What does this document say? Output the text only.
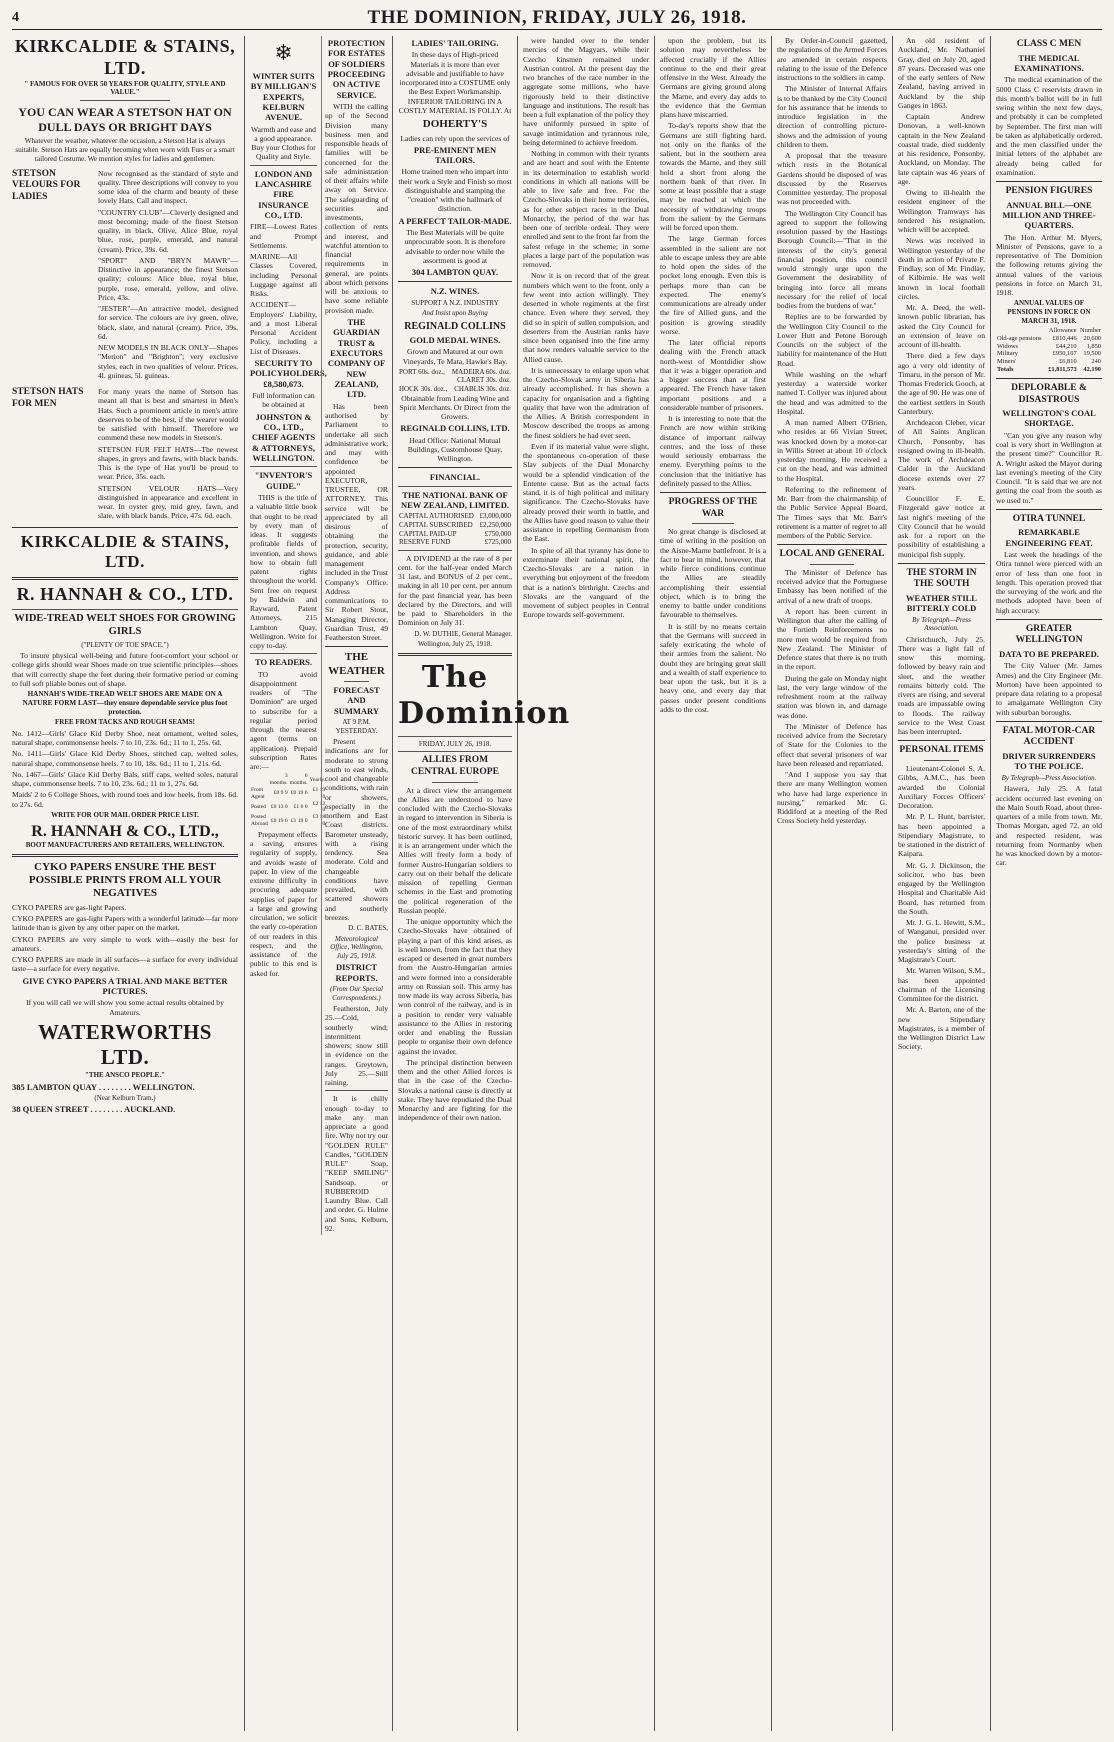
4	THE DOMINION, FRIDAY, JULY 26, 1918.
KIRKCALDIE & STAINS, LTD.
" FAMOUS FOR OVER 50 YEARS FOR QUALITY, STYLE AND VALUE."
YOU CAN WEAR A STETSON HAT ON DULL DAYS OR BRIGHT DAYS

Whatever the weather, whatever the occasion, a Stetson Hat is always suitable. Stetson Hats are equally becoming when worn with Furs or a smart tailored Costume. We mention styles for ladies and gentlemen.

STETSON VELOURS FOR LADIES

Now recognised as the standard of style and quality. Three descriptions will convey to you some idea of the charm and beauty of these lovely Hats. Call and inspect.

"COUNTRY CLUB"—Cleverly designed and most becoming; made of the finest Stetson quality, in black, Olive, Alice Blue, royal blue, rose, purple, emerald, and natural (cream). Price, 39s. 6d.

"SPORT" AND "BRYN MAWR"—Distinctive in appearance; the finest Stetson quality; colours: Alice blue, royal blue, purple, rose, emerald, yellow, and olive. Price, 43s.

"JESTER"—An attractive model, designed for service. The colours are ivy green, olive, black, slate, and natural (cream). Price, 39s. 6d.

NEW MODELS IN BLACK ONLY—Shapes "Merion" and "Brighton"; very exclusive styles, each in two qualities of velour. Prices, 4l. guineas, 5l. guineas.

STETSON HATS FOR MEN

For many years the name of Stetson has meant all that is best and smartest in Men's Hats. Such a prominent article in men's attire deserves to be of the best, if the wearer would be satisfied with himself. Therefore we commend these new models in Stetson's.

STETSON FUR FELT HATS—The newest shapes, in greys and fawns, with black bands. This is the type of Hat you'll be proud to wear. Price, 35s. each.

STETSON VELOUR HATS—Very distinguished in appearance and excellent in wear. In oyster grey, mid grey, fawn, and slate, with black bands. Price, 47s. 6d. each.

KIRKCALDIE & STAINS, LTD.
R. HANNAH & CO., LTD.
WIDE-TREAD WELT SHOES FOR GROWING GIRLS
("PLENTY OF TOE SPACE.")

To insure physical well-being and future foot-comfort your school or college girls should wear Shoes made on true scientific principles—shoes that will correctly shape the feet during their formative period or coming to full soft pliable bones out of shape.

HANNAH'S WIDE-TREAD WELT SHOES ARE MADE ON A NATURE FORM LAST—they ensure dependable service plus foot protection.

FREE FROM TACKS AND ROUGH SEAMS!

No. 1412—Girls' Glace Kid Derby Shoe, neat ornament, welted soles, natural shape, commonsense heels. 7 to 10, 23s. 6d.; 11 to 1, 25s. 6d.

No. 1411—Girls' Glace Kid Derby Shoes, stitched cap, welted soles, natural shape, commonsense heels. 7 to 10, 18s. 6d.; 11 to 1, 21s. 6d.

No. 1467—Girls' Glace Kid Derby Bals, stiff caps, welted soles, natural shape, commonsense heels. 7 to 10, 23s. 6d.; 11 to 1, 27s. 6d.

Maids' 2 to 6 College Shoes, with round toes and low heels, from 18s. 6d. to 27s. 6d.

WRITE FOR OUR MAIL ORDER PRICE LIST.
R. HANNAH & CO., LTD.,
BOOT MANUFACTURERS AND RETAILERS, WELLINGTON.
CYKO PAPERS ENSURE THE BEST POSSIBLE PRINTS FROM ALL YOUR NEGATIVES

CYKO PAPERS are gas-light Papers.

CYKO PAPERS are gas-light Papers with a wonderful latitude—far more latitude than is given by any other paper on the market.

CYKO PAPERS are very simple to work with—easily the best for amateurs.

CYKO PAPERS are made in all surfaces—a surface for every individual taste—a surface for every negative.

GIVE CYKO PAPERS A TRIAL AND MAKE BETTER PICTURES.

If you will call we will show you some actual results obtained by Amateurs.

WATERWORTHS LTD.
"THE ANSCO PEOPLE."
385 LAMBTON QUAY . . . . . . . . WELLINGTON.
(Near Kelburn Tram.)
38 QUEEN STREET . . . . . . . . AUCKLAND.
❄
WINTER SUITS BY MILLIGAN'S EXPERTS, KELBURN AVENUE.

Warmth and ease and a good appearance. Buy your Clothes for Quality and Style.

LONDON AND LANCASHIRE FIRE INSURANCE CO., LTD.

FIRE—Lowest Rates and Prompt Settlements.

MARINE—All Classes Covered, including Personal Luggage against all Risks.

ACCIDENT—Employers' Liability, and a most Liberal Personal Accident Policy, including a List of Diseases.

SECURITY TO POLICYHOLDERS, £8,580,673.

Full information can be obtained at

JOHNSTON & CO., LTD., CHIEF AGENTS & ATTORNEYS, WELLINGTON.
"INVENTOR'S GUIDE."

THIS is the title of a valuable little book that ought to be read by every man of ideas. It suggests profitable fields of invention, and shows how to obtain full patent rights throughout the world. Sent free on request by Baldwin and Rayward, Patent Attorneys, 215 Lambton Quay, Wellington. Write for copy to-day.

TO READERS.

TO avoid disappointment readers of "The Dominion" are urged to subscribe for a regular period through the nearest agent (terms on application). Prepaid subscription Rates are:—

	3 months.	6 months.	Yearly.
From Agent	£0 9 9	£0 19 6	£1 19 0
Posted	£0 13 0	£1 6 0	£2 12 0
Posted Abroad	£0 19 6	£1 19 0	£3 18 0

Prepayment effects a saving, ensures regularity of supply, and avoids waste of paper. In view of the extreme difficulty in procuring adequate supplies of paper for a large and growing circulation, we solicit the early co-operation of our readers in this respect, and the assistance of the public to this end is asked for.

PROTECTION FOR ESTATES OF SOLDIERS PROCEEDING ON ACTIVE SERVICE.

WITH the calling up of the Second Division many business men and responsible heads of families will be concerned for the safe administration of their affairs while away on Service. The safeguarding of securities and investments, collection of rents and interest, and watchful attention to financial requirements in general, are points about which persons will be anxious to have some reliable provision made.

THE GUARDIAN TRUST & EXECUTORS COMPANY OF NEW ZEALAND, LTD.

Has been authorised by Parliament to undertake all such administrative work, and may with confidence be appointed EXECUTOR, TRUSTEE, OR ATTORNEY. This service will be appreciated by all desirous of obtaining the protection, security, guidance, and able management included in the Trust Company's Office. Address communications to Sir Robert Stout, Managing Director, Guardian Trust, 49 Featherston Street.

THE WEATHER
FORECAST AND SUMMARY
AT 9 P.M. YESTERDAY.

Present indications are for moderate to strong south to east winds, cool and changeable conditions, with rain or showers, especially in the northern and East Coast districts. Barometer unsteady, with a rising tendency. Sea moderate. Cold and changeable conditions have prevailed, with scattered showers and southerly breezes.

D. C. BATES,
Meteorological Office, Wellington, July 25, 1918.
DISTRICT REPORTS.
(From Our Special Correspondents.)

Featherston, July 25.—Cold, southerly wind; intermittent showers; snow still in evidence on the ranges. Greytown, July 25.—Still raining.

It is chilly enough to-day to make any man appreciate a good fire. Why not try our "GOLDEN RULE" Candles, "GOLDEN RULE" Soap, "KEEP SMILING" Sandsoap, or RUBBEROID Laundry Blue. Call and order. G. Hulme and Sons, Kelburn, 92.

LADIES' TAILORING.

In these days of High-priced Materials it is more than ever advisable and justifiable to have incorporated into a COSTUME only the Best Expert Workmanship. INFERIOR TAILORING IN A COSTLY MATERIAL IS FOLLY. At

DOHERTY'S

Ladies can rely upon the services of

PRE-EMINENT MEN TAILORS.

Home trained men who impart into their work a Style and Finish so most distinguishable and stamping the "creation" with the hallmark of distinction.

A PERFECT TAILOR-MADE.

The Best Materials will be quite unprocurable soon. It is therefore advisable to order now while the assortment is good at

304 LAMBTON QUAY.
N.Z. WINES.
SUPPORT A N.Z. INDUSTRY
And Insist upon Buying
REGINALD COLLINS
GOLD MEDAL WINES.

Grown and Matured at our own Vineyards, Te Mata, Hawke's Bay.

PORT 60s. doz.,	MADEIRA 60s. doz.
	CLARET 30s. doz.
HOCK 30s. doz.,	CHABLIS 30s. doz.

Obtainable from Leading Wine and Spirit Merchants. Or Direct from the Growers.

REGINALD COLLINS, LTD.

Head Office: National Mutual Buildings, Customhouse Quay, Wellington.

FINANCIAL.
THE NATIONAL BANK OF NEW ZEALAND, LIMITED.
CAPITAL AUTHORISED	£3,000,000
CAPITAL SUBSCRIBED	£2,250,000
CAPITAL PAID-UP	£750,000
RESERVE FUND	£725,000

A DIVIDEND at the rate of 8 per cent. for the half-year ended March 31 last, and BONUS of 2 per cent., making in all 10 per cent. per annum for the past financial year, has been declared by the Directors, and will be paid to Shareholders in the Dominion on July 31.

D. W. DUTHIE, General Manager.
Wellington, July 25, 1918.
The Dominion
FRIDAY, JULY 26, 1918.
ALLIES FROM CENTRAL EUROPE

At a direct view the arrangement the Allies are understood to have concluded with the Czecho-Slovaks in regard to intervention in Siberia is one of the most extraordinary whilst historic survey. It has been outlined, it is an arrangement under which the Allies will freely form a body of former Austro-Hungarian soldiers to carry out on their behalf the delicate mission of repelling German schemes in the East and promoting the political regeneration of the Russian people.

The unique opportunity which the Czecho-Slovaks have obtained of playing a part of this kind arises, as is well known, from the fact that they escaped or deserted in great numbers from the Austro-Hungarian armies and were formed into a considerable army on Russian soil. This army has now made its way across Siberia, has won control of the railway, and is in a position to render very valuable assistance to the Allies in restoring order and enabling the Russian people to organise their own defence against the invader.

The principal distinction between them and the other Allied forces is that in the case of the Czecho-Slovaks a national cause is directly at stake. They have repudiated the Dual Monarchy and are fighting for the independence of their own nation.

were handed over to the tender mercies of the Magyars, while their Czecho kinsmen remained under Austrian control. At the present day the two branches of the race number in the aggregate some millions, who have rigorously held to their distinctive language and institutions. The result has been a full explanation of the policy they have uniformly pursued in spite of savage intimidation and tyrannous rule, being determined to achieve freedom.

Nothing in common with their tyrants and are heart and soul with the Entente in its determination to establish world conditions in which all nations will be able to live safe and free. For the Czecho-Slovaks in their home territories, as for other subject races in the Dual Monarchy, the period of the war has been one of terrible ordeal. They were enrolled and sent to the front far from the safest refuge in the scheme; in some places a large part of the population was removed.

Now it is on record that of the great numbers which went to the front, only a few went into action willingly. They deserted in whole regiments at the first chance. Even where they served, they did so in spirit of sullen compulsion, and deserters from the Austrian ranks have since been organised into the fine army that now renders valuable service to the Allied cause.

It is unnecessary to enlarge upon what the Czecho-Slovak army in Siberia has already accomplished. It has shown a capacity for organisation and a fighting quality that have won the admiration of the Allies. A British correspondent in Moscow described the troops as among the finest soldiers he had ever seen.

Even if its material value were slight, the spontaneous co-operation of these Slav subjects of the Dual Monarchy would be a splendid vindication of the Entente cause. But as the actual facts stand, it is of high political and military significance. The Czecho-Slovaks have already proved their worth in battle, and the Allies have good reason to value their assistance in repelling Germanism from the East.

In spite of all that tyranny has done to exterminate their national spirit, the Czecho-Slovaks are a nation in everything but enjoyment of the freedom that is a nation's birthright. Czechs and Slovaks are the vanguard of the movement of subject peoples in Central Europe towards self-government.

upon the problem, but its solution may nevertheless be affected crucially if the Allies continue to the end their great offensive in the West. Already the Germans are giving ground along the Marne, and every day adds to the evidence that the German plans have miscarried.

To-day's reports show that the Germans are still fighting hard, not only on the flanks of the salient, but in the southern area towards the Marne, and they still hold a short front along the northern bank of that river. In some at least possible that a stage may be reached at which the necessity of withdrawing troops from the salient by the Germans will be forced upon them.

The large German forces assembled in the salient are not able to escape unless they are able to hold open the sides of the pocket long enough. Even this is perhaps more than can be expected. The enemy's communications are already under the fire of Allied guns, and the position is growing steadily worse.

The later official reports dealing with the French attack north-west of Montdidier show that it was a bigger operation and a bigger success than at first appeared. The French have taken important positions and a considerable number of prisoners.

It is interesting to note that the French are now within striking distance of important railway centres, and the loss of these would seriously embarrass the enemy. Everything points to the conclusion that the initiative has definitely passed to the Allies.

PROGRESS OF THE WAR

No great change is disclosed at time of writing in the position on the Aisne-Marne battlefront. It is a fact to bear in mind, however, that while fierce conditions continue the Allies are steadily accomplishing their essential object, which is to bring the enemy to battle under conditions favourable to themselves.

It is still by no means certain that the Germans will succeed in safely extricating the whole of their armies from the salient. No doubt they are bringing great skill and a wealth of staff experience to bear upon the task, but it is a heavy one, and every day that passes under present conditions adds to the cost.

By Order-in-Council gazetted, the regulations of the Armed Forces are amended in certain respects relating to the issue of the Defence instructions to the soldiers in camp.

The Minister of Internal Affairs is to be thanked by the City Council for his assurance that he intends to introduce legislation in the direction of controlling picture-shows and the admission of young children to them.

A proposal that the treasure which rests in the Botanical Gardens should be disposed of was discussed by the Reserves Committee yesterday. The proposal was not proceeded with.

The Wellington City Council has agreed to support the following resolution passed by the Hastings Borough Council:—"That in the interests of the city's general financial position, this council would strongly urge upon the Government the desirability of bringing into force all means necessary for the relief of local bodies from the burdens of war."

Replies are to be forwarded by the Wellington City Council to the Lower Hutt and Petone Borough Councils on the subject of the liability for maintenance of the Hutt Road.

While washing on the wharf yesterday a waterside worker named T. Collyer was injured about the head and was admitted to the Hospital.

A man named Albert O'Brien, who resides at 66 Vivian Street, was knocked down by a motor-car in Willis Street at about 10 o'clock yesterday morning. He received a cut on the head, and was admitted to the Hospital.

Referring to the refinement of Mr. Barr from the chairmanship of the Public Service Appeal Board, The Times says that Mr. Barr's retirement is a matter of regret to all members of the Public Service.

LOCAL AND GENERAL

The Minister of Defence has received advice that the Portuguese Embassy has been notified of the arrival of a new draft of troops.

A report has been current in Wellington that after the calling of the Fortieth Reinforcements no more men would be required from New Zealand. The Minister of Defence states that there is no truth in the report.

During the gale on Monday night last, the very large window of the refreshment room at the railway station was blown in, and damage was done.

The Minister of Defence has received advice from the Secretary of State for the Colonies to the effect that several prisoners of war have been released and repatriated.

"And I suppose you say that there are many Wellington women who have had large experience in nursing," remarked Mr. G. Riddiford at a meeting of the Red Cross Society held yesterday.

An old resident of Auckland, Mr. Nathaniel Gray, died on July 20, aged 87 years. Deceased was one of the early settlers of New Zealand, having arrived in Auckland by the ship Ganges in 1863.

Captain Andrew Donovan, a well-known captain in the New Zealand coastal trade, died suddenly at his residence, Ponsonby, Auckland, on Monday. The late captain was 46 years of age.

Owing to ill-health the resident engineer of the Wellington Tramways has tendered his resignation, which will be accepted.

News was received in Wellington yesterday of the death in action of Private F. Findlay, son of Mr. Findlay, of Kilbirnie. He was well known in local football circles.

Mr. A. Deed, the well-known public librarian, has asked the City Council for an extension of leave on account of ill-health.

There died a few days ago a very old identity of Timaru, in the person of Mr. Thomas Frederick Gooch, at the age of 90. He was one of the earliest settlers in South Canterbury.

Archdeacon Cleber, vicar of All Saints Anglican Church, Ponsonby, has resigned owing to ill-health. The work of Archdeacon Calder in the Auckland diocese extends over 27 years.

Councillor F. E. Fitzgerald gave notice at last night's meeting of the City Council that he would ask for a report on the possibility of establishing a municipal fish supply.

THE STORM IN THE SOUTH
WEATHER STILL BITTERLY COLD
By Telegraph—Press Association.

Christchurch, July 25. There was a light fall of snow this morning, followed by heavy rain and sleet, and the weather remains bitterly cold. The rivers are rising, and several roads are impassable owing to floods. The railway service to the West Coast has been interrupted.

PERSONAL ITEMS

Lieutenant-Colonel S. A. Gibbs, A.M.C., has been awarded the Colonial Auxiliary Forces Officers' Decoration.

Mr. P. L. Hunt, barrister, has been appointed a Stipendiary Magistrate, to be stationed in the district of Kaipara.

Mr. G. J. Dickinson, the solicitor, who has been engaged by the Wellington Hospital and Charitable Aid Board, has returned from the South.

Mr. J. G. L. Hewitt, S.M., of Wanganui, presided over the police business at yesterday's sitting of the Magistrate's Court.

Mr. Warren Wilson, S.M., has been appointed chairman of the Licensing Committee for the district.

Mr. A. Barton, one of the new Stipendiary Magistrates, is a member of the Wellington District Law Society.

CLASS C MEN
THE MEDICAL EXAMINATIONS.

The medical examination of the 5000 Class C reservists drawn in this month's ballot will be in full swing within the next few days, and probably it can be completed by September. The first man will be taken as alphabetically ordered, and the men classified under the initial letters of the alphabet are already being called for examination.

PENSION FIGURES
ANNUAL BILL—ONE MILLION AND THREE-QUARTERS.

The Hon. Arthur M. Myers, Minister of Pensions, gave to a representative of The Dominion the following returns giving the annual values of the various pensions in force on March 31, 1918.

ANNUAL VALUES OF PENSIONS IN FORCE ON MARCH 31, 1918.
	Allowance	Number
Old-age pensions	£810,446	20,600
Widows	£44,210	1,850
Military	£950,107	19,500
Miners'	£6,810	240
Totals	£1,811,573	42,190
DEPLORABLE & DISASTROUS
WELLINGTON'S COAL SHORTAGE.

"Can you give any reason why coal is very short in Wellington at the present time?" Councillor R. A. Wright asked the Mayor during last evening's meeting of the City Council. "It is said that we are not getting the coal from the south as we used to."

OTIRA TUNNEL
REMARKABLE ENGINEERING FEAT.

Last week the headings of the Otira tunnel were pierced with an error of less than one foot in length. This operation proved that the surveying of the work and the methods adopted have been of high accuracy.

GREATER WELLINGTON
DATA TO BE PREPARED.

The City Valuer (Mr. James Ames) and the City Engineer (Mr. Morton) have been appointed to prepare data relating to a proposal to amalgamate Wellington City with suburban boroughs.

FATAL MOTOR-CAR ACCIDENT
DRIVER SURRENDERS TO THE POLICE.
By Telegraph—Press Association.

Hawera, July 25. A fatal accident occurred last evening on the Main South Road, about three-quarters of a mile from town. Mr. Thomas Morgan, aged 72, an old and respected resident, was returning from Normanby when he was knocked down by a motor-car.
